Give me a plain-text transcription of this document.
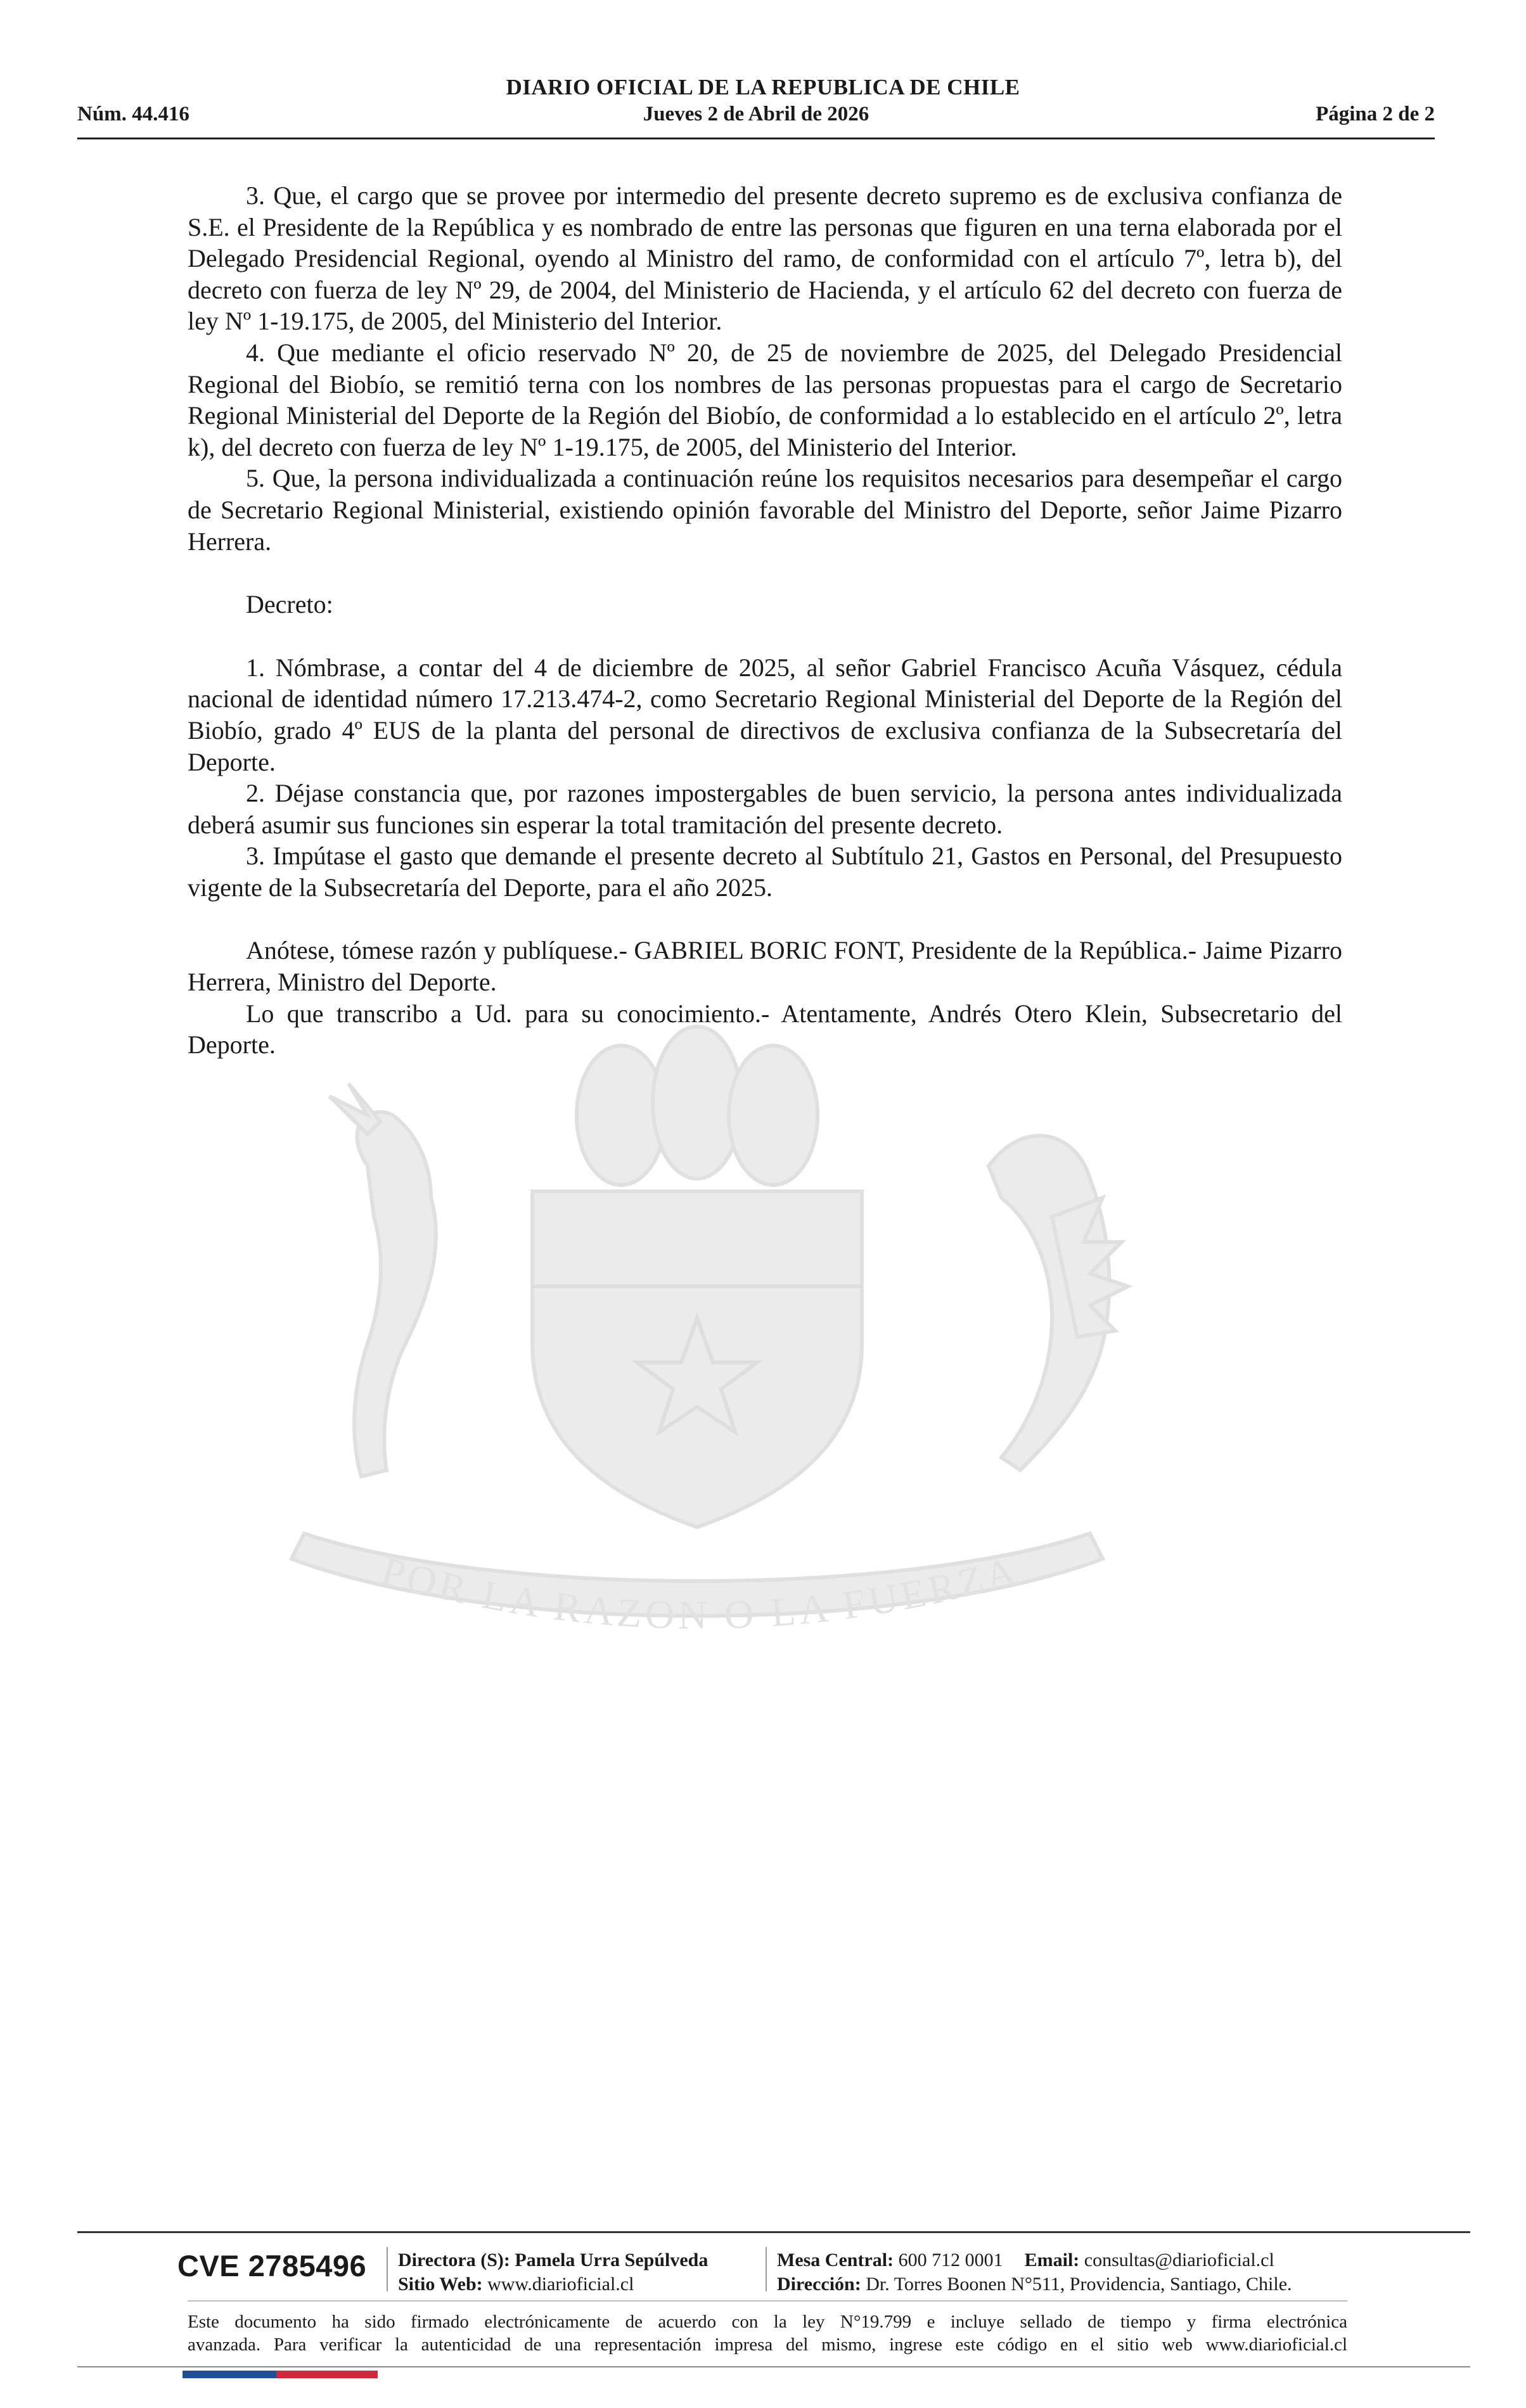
DIARIO OFICIAL DE LA REPUBLICA DE CHILE
Jueves 2 de Abril de 2026
Núm. 44.416	Página 2 de 2
POR LA RAZON O LA FUERZA

3. Que, el cargo que se provee por intermedio del presente decreto supremo es de exclusiva confianza de S.E. el Presidente de la República y es nombrado de entre las personas que figuren en una terna elaborada por el Delegado Presidencial Regional, oyendo al Ministro del ramo, de conformidad con el artículo 7º, letra b), del decreto con fuerza de ley Nº 29, de 2004, del Ministerio de Hacienda, y el artículo 62 del decreto con fuerza de ley Nº 1-19.175, de 2005, del Ministerio del Interior.

4. Que mediante el oficio reservado Nº 20, de 25 de noviembre de 2025, del Delegado Presidencial Regional del Biobío, se remitió terna con los nombres de las personas propuestas para el cargo de Secretario Regional Ministerial del Deporte de la Región del Biobío, de conformidad a lo establecido en el artículo 2º, letra k), del decreto con fuerza de ley Nº 1-19.175, de 2005, del Ministerio del Interior.

5. Que, la persona individualizada a continuación reúne los requisitos necesarios para desempeñar el cargo de Secretario Regional Ministerial, existiendo opinión favorable del Ministro del Deporte, señor Jaime Pizarro Herrera.

Decreto:

1. Nómbrase, a contar del 4 de diciembre de 2025, al señor Gabriel Francisco Acuña Vásquez, cédula nacional de identidad número 17.213.474-2, como Secretario Regional Ministerial del Deporte de la Región del Biobío, grado 4º EUS de la planta del personal de directivos de exclusiva confianza de la Subsecretaría del Deporte.

2. Déjase constancia que, por razones impostergables de buen servicio, la persona antes individualizada deberá asumir sus funciones sin esperar la total tramitación del presente decreto.

3. Impútase el gasto que demande el presente decreto al Subtítulo 21, Gastos en Personal, del Presupuesto vigente de la Subsecretaría del Deporte, para el año 2025.

Anótese, tómese razón y publíquese.- GABRIEL BORIC FONT, Presidente de la República.- Jaime Pizarro Herrera, Ministro del Deporte.

Lo que transcribo a Ud. para su conocimiento.- Atentamente, Andrés Otero Klein, Subsecretario del Deporte.

CVE 2785496 Directora (S): Pamela Urra Sepúlveda
Sitio Web: www.diarioficial.cl
Mesa Central: 600 712 0001 Email: consultas@diarioficial.cl
Dirección: Dr. Torres Boonen N°511, Providencia, Santiago, Chile.
Este documento ha sido firmado electrónicamente de acuerdo con la ley N°19.799 e incluye sellado de tiempo y firma electrónica
avanzada. Para verificar la autenticidad de una representación impresa del mismo, ingrese este código en el sitio web www.diarioficial.cl
